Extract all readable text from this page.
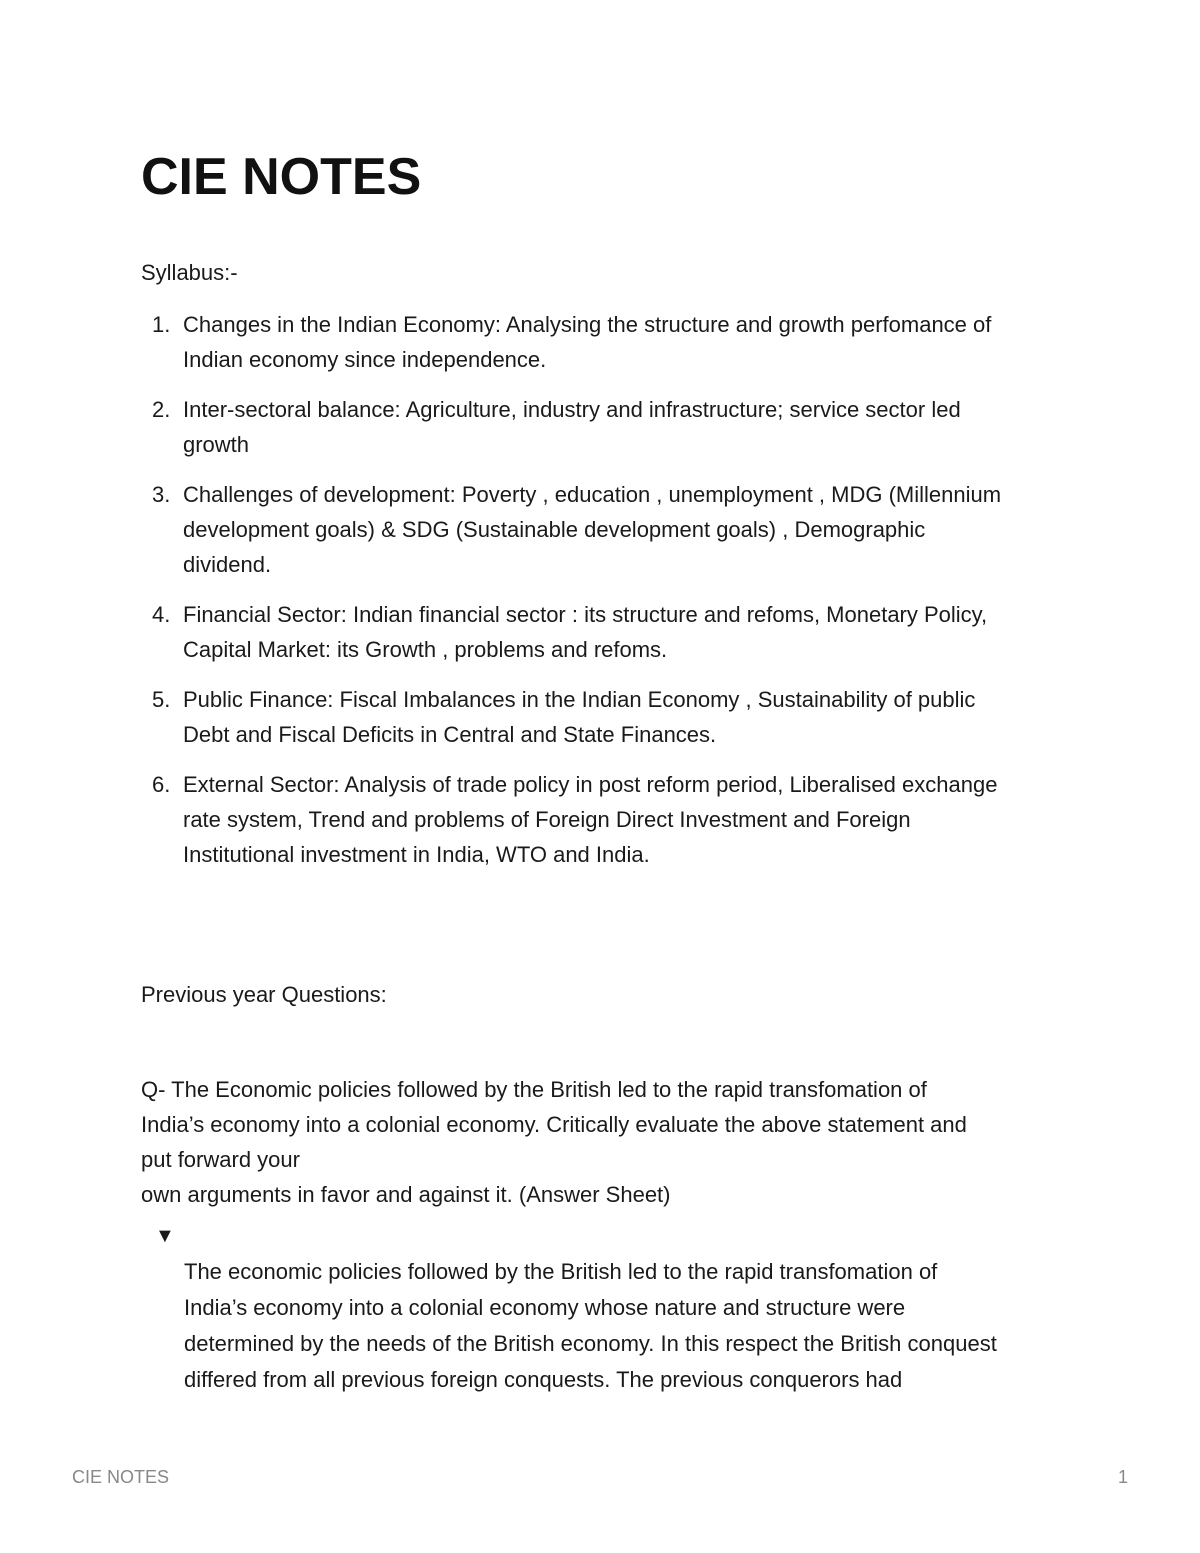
CIE NOTES
Syllabus:-
1. Changes in the Indian Economy: Analysing the structure and growth perfomance of
Indian economy since independence.
2. Inter-sectoral balance: Agriculture, industry and infrastructure; service sector led
growth
3. Challenges of development: Poverty , education , unemployment , MDG (Millennium
development goals) & SDG (Sustainable development goals) , Demographic
dividend.
4. Financial Sector: Indian financial sector : its structure and refoms, Monetary Policy,
Capital Market: its Growth , problems and refoms.
5. Public Finance: Fiscal Imbalances in the Indian Economy , Sustainability of public
Debt and Fiscal Deficits in Central and State Finances.
6. External Sector: Analysis of trade policy in post reform period, Liberalised exchange
rate system, Trend and problems of Foreign Direct Investment and Foreign
Institutional investment in India, WTO and India.
Previous year Questions:
Q- The Economic policies followed by the British led to the rapid transfomation of
India’s economy into a colonial economy. Critically evaluate the above statement and
put forward your
own arguments in favor and against it. (Answer Sheet)
▼
The economic policies followed by the British led to the rapid transfomation of
India’s economy into a colonial economy whose nature and structure were
determined by the needs of the British economy. In this respect the British conquest
differed from all previous foreign conquests. The previous conquerors had
CIE NOTES	1
